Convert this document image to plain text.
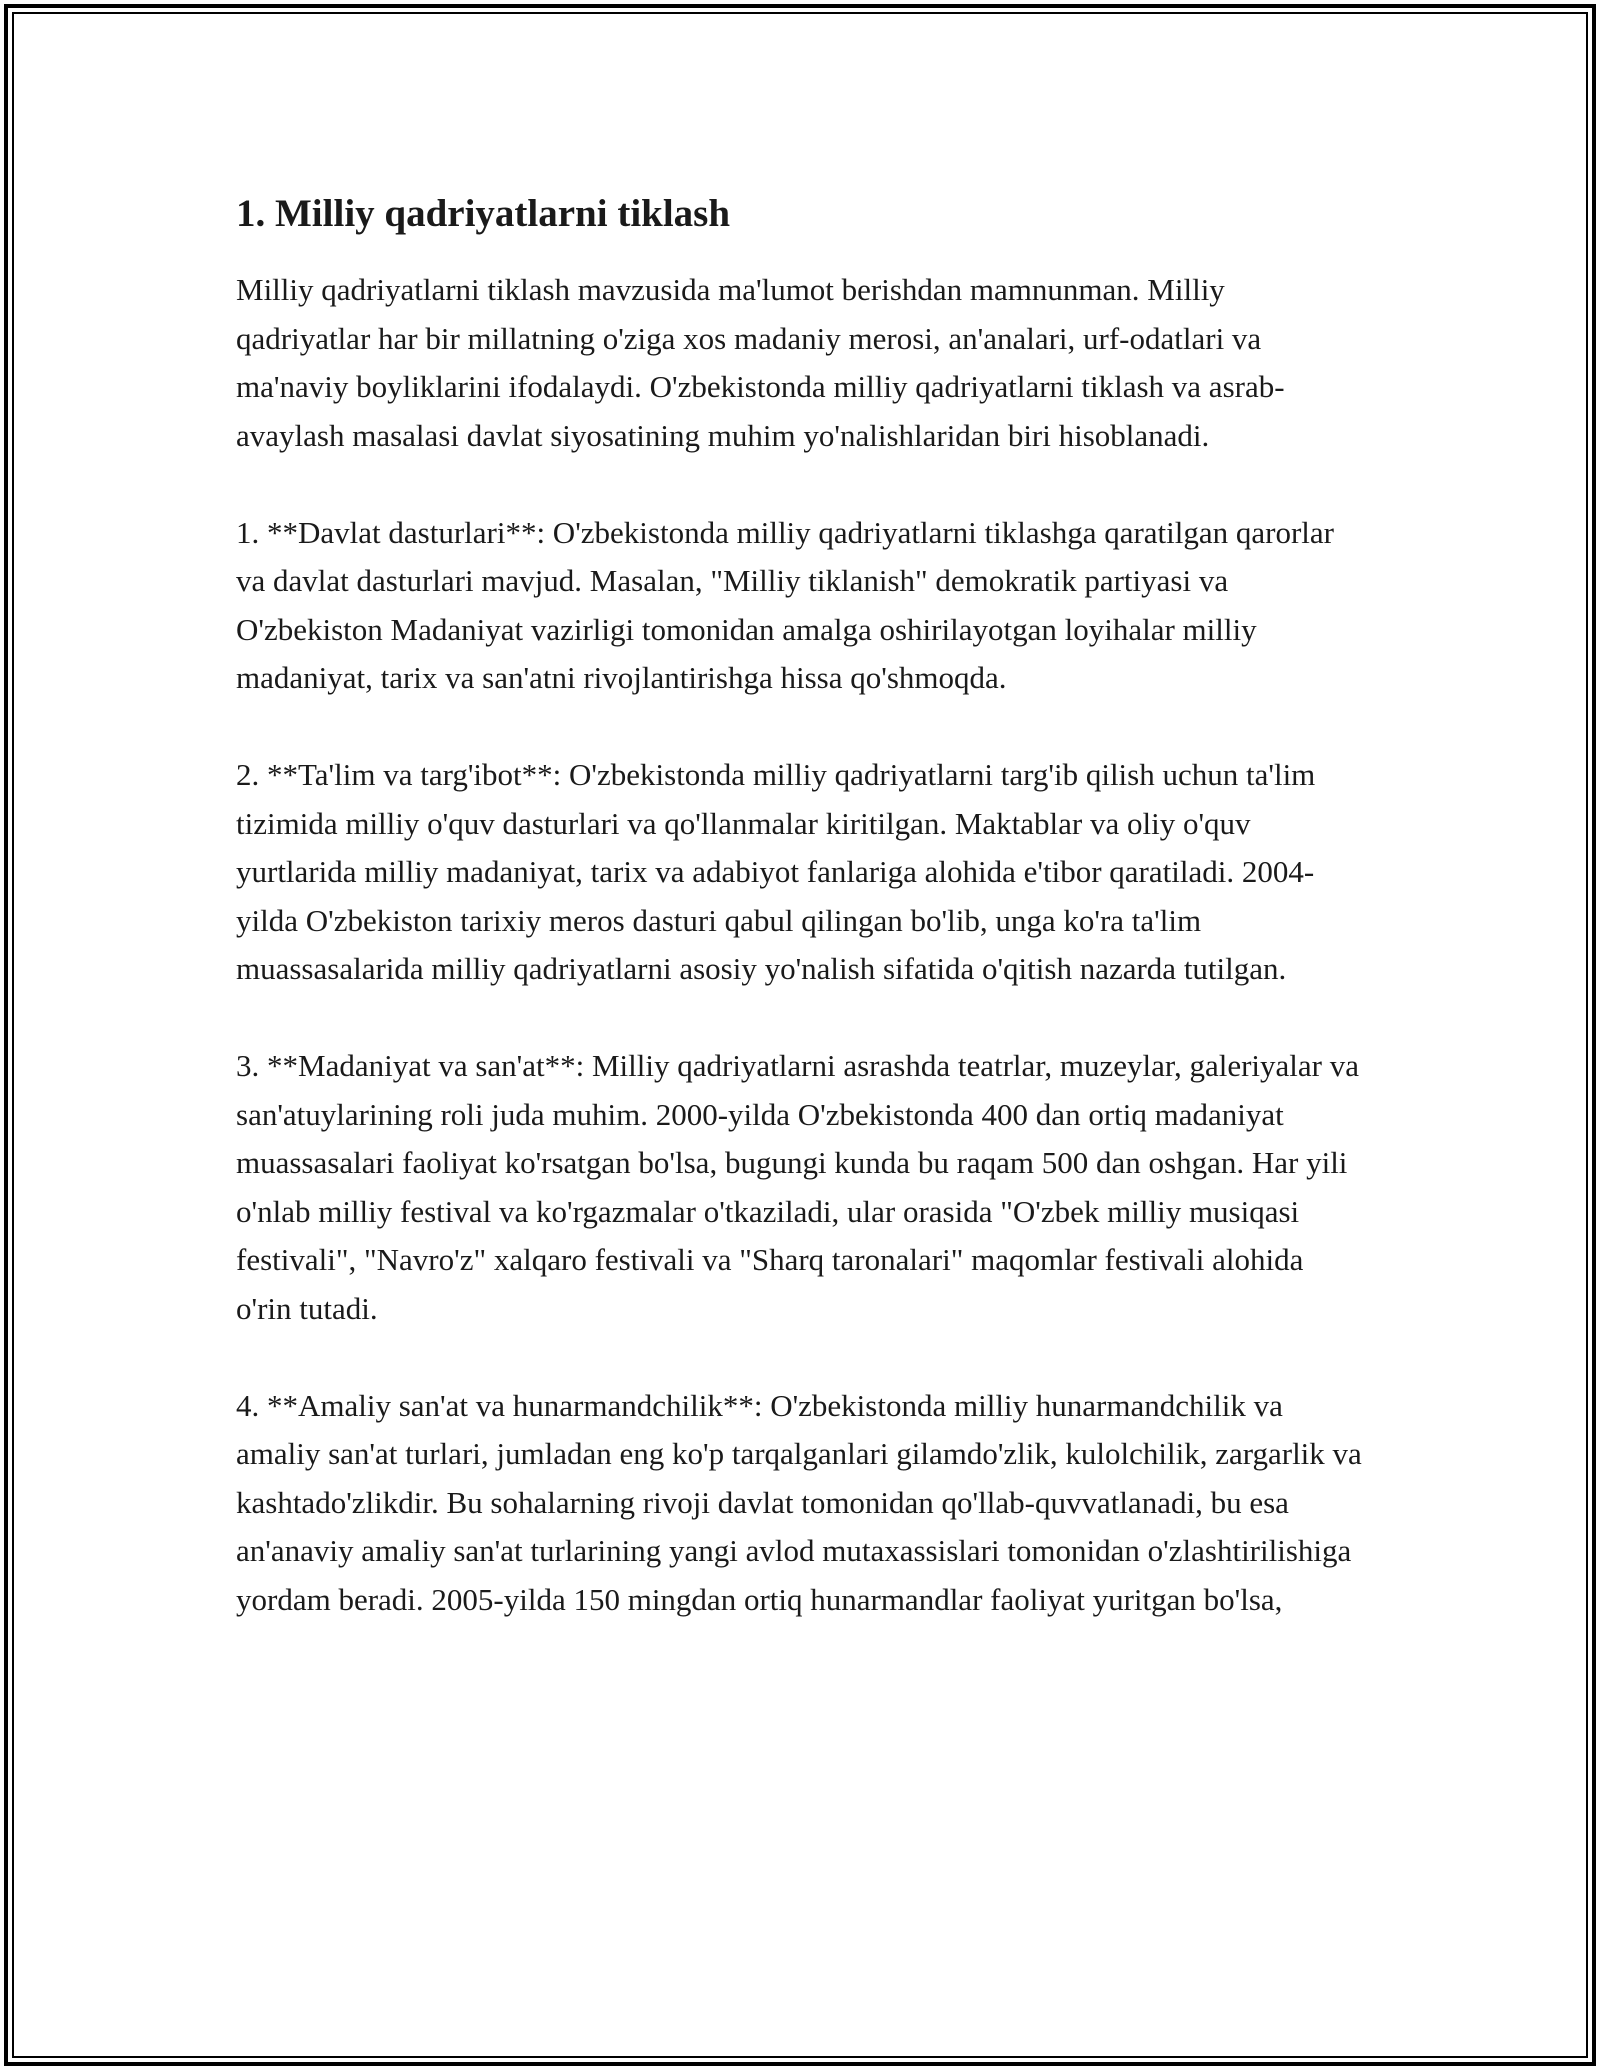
1. Milliy qadriyatlarni tiklash

Milliy qadriyatlarni tiklash mavzusida ma'lumot berishdan mamnunman. Milliy qadriyatlar har bir millatning o'ziga xos madaniy merosi, an'analari, urf-odatlari va ma'naviy boyliklarini ifodalaydi. O'zbekistonda milliy qadriyatlarni tiklash va asrab-avaylash masalasi davlat siyosatining muhim yo'nalishlaridan biri hisoblanadi.

1. **Davlat dasturlari**: O'zbekistonda milliy qadriyatlarni tiklashga qaratilgan qarorlar va davlat dasturlari mavjud. Masalan, "Milliy tiklanish" demokratik partiyasi va O'zbekiston Madaniyat vazirligi tomonidan amalga oshirilayotgan loyihalar milliy madaniyat, tarix va san'atni rivojlantirishga hissa qo'shmoqda.

2. **Ta'lim va targ'ibot**: O'zbekistonda milliy qadriyatlarni targ'ib qilish uchun ta'lim tizimida milliy o'quv dasturlari va qo'llanmalar kiritilgan. Maktablar va oliy o'quv yurtlarida milliy madaniyat, tarix va adabiyot fanlariga alohida e'tibor qaratiladi. 2004-yilda O'zbekiston tarixiy meros dasturi qabul qilingan bo'lib, unga ko'ra ta'lim muassasalarida milliy qadriyatlarni asosiy yo'nalish sifatida o'qitish nazarda tutilgan.

3. **Madaniyat va san'at**: Milliy qadriyatlarni asrashda teatrlar, muzeylar, galeriyalar va san'atuylarining roli juda muhim. 2000-yilda O'zbekistonda 400 dan ortiq madaniyat muassasalari faoliyat ko'rsatgan bo'lsa, bugungi kunda bu raqam 500 dan oshgan. Har yili o'nlab milliy festival va ko'rgazmalar o'tkaziladi, ular orasida "O'zbek milliy musiqasi festivali", "Navro'z" xalqaro festivali va "Sharq taronalari" maqomlar festivali alohida o'rin tutadi.

4. **Amaliy san'at va hunarmandchilik**: O'zbekistonda milliy hunarmandchilik va amaliy san'at turlari, jumladan eng ko'p tarqalganlari gilamdo'zlik, kulolchilik, zargarlik va kashtado'zlikdir. Bu sohalarning rivoji davlat tomonidan qo'llab-quvvatlanadi, bu esa an'anaviy amaliy san'at turlarining yangi avlod mutaxassislari tomonidan o'zlashtirilishiga yordam beradi. 2005-yilda 150 mingdan ortiq hunarmandlar faoliyat yuritgan bo'lsa,
